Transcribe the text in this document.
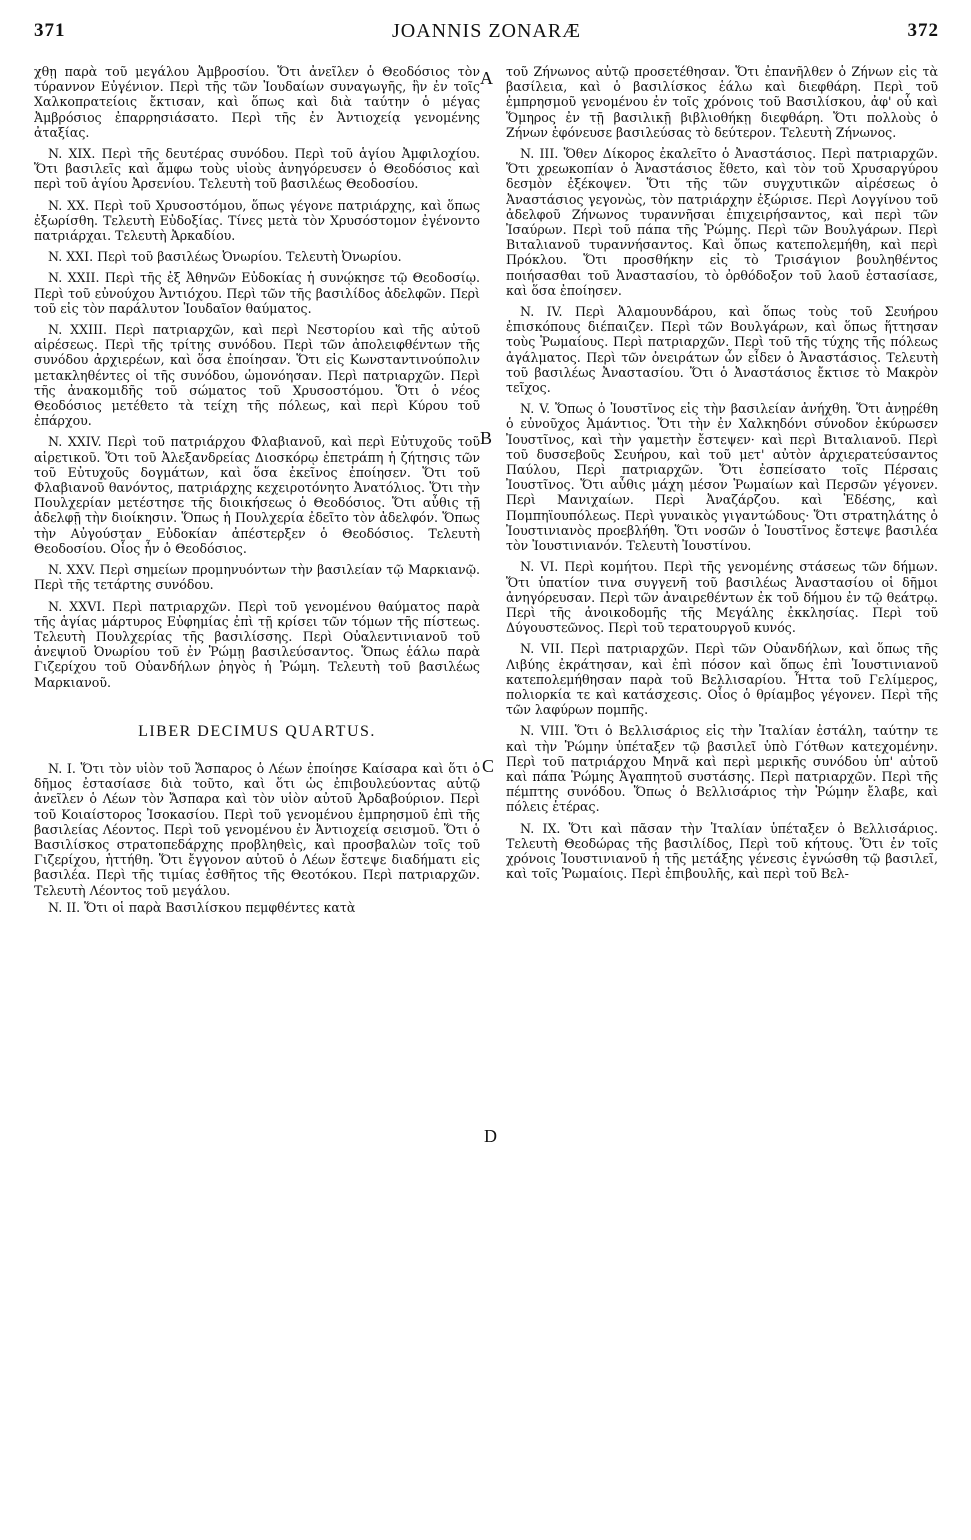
371	JOANNIS ZONARÆ	372
A
B
C
D

χθῃ παρὰ τοῦ μεγάλου Ἀμβροσίου. Ὅτι ἀνεῖλεν ὁ Θεοδόσιος τὸν τύραννον Εὐγένιον. Περὶ τῆς τῶν Ἰουδαίων συναγωγῆς, ἣν ἐν τοῖς Χαλκοπρατείοις ἔκτισαν, καὶ ὅπως καὶ διὰ ταύτην ὁ μέγας Ἀμβρόσιος ἐπαρρησιάσατο. Περὶ τῆς ἐν Ἀντιοχείᾳ γενομένης ἀταξίας.

N. XIX. Περὶ τῆς δευτέρας συνόδου. Περὶ τοῦ ἁγίου Ἀμφιλοχίου. Ὅτι βασιλεῖς καὶ ἄμφω τοὺς υἱοὺς ἀνηγόρευσεν ὁ Θεοδόσιος καὶ περὶ τοῦ ἁγίου Ἀρσενίου. Τελευτὴ τοῦ βασιλέως Θεοδοσίου.

N. XX. Περὶ τοῦ Χρυσοστόμου, ὅπως γέγονε πατριάρχης, καὶ ὅπως ἐξωρίσθη. Τελευτὴ Εὐδοξίας. Τίνες μετὰ τὸν Χρυσόστομον ἐγένοντο πατριάρχαι. Τελευτὴ Ἀρκαδίου.

N. XXI. Περὶ τοῦ βασιλέως Ὀνωρίου. Τελευτὴ Ὀνωρίου.

N. XXII. Περὶ τῆς ἐξ Ἀθηνῶν Εὐδοκίας ἡ συνῴκησε τῷ Θεοδοσίῳ. Περὶ τοῦ εὐνούχου Ἀντιόχου. Περὶ τῶν τῆς βασιλίδος ἀδελφῶν. Περὶ τοῦ εἰς τὸν παράλυτον Ἰουδαῖον θαύματος.

N. XXIII. Περὶ πατριαρχῶν, καὶ περὶ Νεστορίου καὶ τῆς αὐτοῦ αἱρέσεως. Περὶ τῆς τρίτης συνόδου. Περὶ τῶν ἀπολειφθέντων τῆς συνόδου ἀρχιερέων, καὶ ὅσα ἐποίησαν. Ὅτι εἰς Κωνσταντινούπολιν μετακληθέντες οἱ τῆς συνόδου, ὡμονόησαν. Περὶ πατριαρχῶν. Περὶ τῆς ἀνακομιδῆς τοῦ σώματος τοῦ Χρυσοστόμου. Ὅτι ὁ νέος Θεοδόσιος μετέθετο τὰ τείχη τῆς πόλεως, καὶ περὶ Κύρου τοῦ ἐπάρχου.

N. XXIV. Περὶ τοῦ πατριάρχου Φλαβιανοῦ, καὶ περὶ Εὐτυχοῦς τοῦ αἱρετικοῦ. Ὅτι τοῦ Ἀλεξανδρείας Διοσκόρῳ ἐπετράπη ἡ ζήτησις τῶν τοῦ Εὐτυχοῦς δογμάτων, καὶ ὅσα ἐκεῖνος ἐποίησεν. Ὅτι τοῦ Φλαβιανοῦ θανόντος, πατριάρχης κεχειροτόνητο Ἀνατόλιος. Ὅτι τὴν Πουλχερίαν μετέστησε τῆς διοικήσεως ὁ Θεοδόσιος. Ὅτι αὖθις τῇ ἀδελφῇ τὴν διοίκησιν. Ὅπως ἡ Πουλχερία ἐδεῖτο τὸν ἀδελφόν. Ὅπως τὴν Αὐγούσταν Εὐδοκίαν ἀπέστερξεν ὁ Θεοδόσιος. Τελευτὴ Θεοδοσίου. Οἷος ἦν ὁ Θεοδόσιος.

N. XXV. Περὶ σημείων προμηνυόντων τὴν βασιλείαν τῷ Μαρκιανῷ. Περὶ τῆς τετάρτης συνόδου.

N. XXVI. Περὶ πατριαρχῶν. Περὶ τοῦ γενομένου θαύματος παρὰ τῆς ἁγίας μάρτυρος Εὐφημίας ἐπὶ τῇ κρίσει τῶν τόμων τῆς πίστεως. Τελευτὴ Πουλχερίας τῆς βασιλίσσης. Περὶ Οὐαλεντινιανοῦ τοῦ ἀνεψιοῦ Ὀνωρίου τοῦ ἐν Ῥώμῃ βασιλεύσαντος. Ὅπως ἑάλω παρὰ Γιζερίχου τοῦ Οὐανδήλων ῥηγὸς ἡ Ῥώμη. Τελευτὴ τοῦ βασιλέως Μαρκιανοῦ.

LIBER DECIMUS QUARTUS.

N. I. Ὅτι τὸν υἱὸν τοῦ Ἄσπαρος ὁ Λέων ἐποίησε Καίσαρα καὶ ὅτι ὁ δῆμος ἐστασίασε διὰ τοῦτο, καὶ ὅτι ὡς ἐπιβουλεύοντας αὐτῷ ἀνεῖλεν ὁ Λέων τὸν Ἄσπαρα καὶ τὸν υἱὸν αὐτοῦ Ἀρδαβούριον. Περὶ τοῦ Κοιαίστορος Ἰσοκασίου. Περὶ τοῦ γενομένου ἐμπρησμοῦ ἐπὶ τῆς βασιλείας Λέοντος. Περὶ τοῦ γενομένου ἐν Ἀντιοχείᾳ σεισμοῦ. Ὅτι ὁ Βασιλίσκος στρατοπεδάρχης προβληθεὶς, καὶ προσβαλὼν τοῖς τοῦ Γιζερίχου, ἡττήθη. Ὅτι ἔγγονον αὐτοῦ ὁ Λέων ἔστεψε διαδήματι εἰς βασιλέα. Περὶ τῆς τιμίας ἐσθῆτος τῆς Θεοτόκου. Περὶ πατριαρχῶν. Τελευτὴ Λέοντος τοῦ μεγάλου.

N. II. Ὅτι οἱ παρὰ Βασιλίσκου πεμφθέντες κατὰ

τοῦ Ζήνωνος αὐτῷ προσετέθησαν. Ὅτι ἐπανῆλθεν ὁ Ζήνων εἰς τὰ βασίλεια, καὶ ὁ βασιλίσκος ἑάλω καὶ διεφθάρη. Περὶ τοῦ ἐμπρησμοῦ γενομένου ἐν τοῖς χρόνοις τοῦ Βασιλίσκου, ἀφ' οὗ καὶ Ὅμηρος ἐν τῇ βασιλικῇ βιβλιοθήκῃ διεφθάρη. Ὅτι πολλοὺς ὁ Ζήνων ἐφόνευσε βασιλεύσας τὸ δεύτερον. Τελευτὴ Ζήνωνος.

N. III. Ὅθεν Δίκορος ἐκαλεῖτο ὁ Ἀναστάσιος. Περὶ πατριαρχῶν. Ὅτι χρεωκοπίαν ὁ Ἀναστάσιος ἔθετο, καὶ τὸν τοῦ Χρυσαργύρου δεσμὸν ἐξέκοψεν. Ὅτι τῆς τῶν συγχυτικῶν αἱρέσεως ὁ Ἀναστάσιος γεγονὼς, τὸν πατριάρχην ἐξώρισε. Περὶ Λογγίνου τοῦ ἀδελφοῦ Ζήνωνος τυραννῆσαι ἐπιχειρήσαντος, καὶ περὶ τῶν Ἰσαύρων. Περὶ τοῦ πάπα τῆς Ῥώμης. Περὶ τῶν Βουλγάρων. Περὶ Βιταλιανοῦ τυραννήσαντος. Καὶ ὅπως κατεπολεμήθη, καὶ περὶ Πρόκλου. Ὅτι προσθήκην εἰς τὸ Τρισάγιον βουληθέντος ποιήσασθαι τοῦ Ἀναστασίου, τὸ ὀρθόδοξον τοῦ λαοῦ ἐστασίασε, καὶ ὅσα ἐποίησεν.

N. IV. Περὶ Ἀλαμουνδάρου, καὶ ὅπως τοὺς τοῦ Σευήρου ἐπισκόπους διέπαιζεν. Περὶ τῶν Βουλγάρων, καὶ ὅπως ἥττησαν τοὺς Ῥωμαίους. Περὶ πατριαρχῶν. Περὶ τοῦ τῆς τύχης τῆς πόλεως ἀγάλματος. Περὶ τῶν ὀνειράτων ὧν εἶδεν ὁ Ἀναστάσιος. Τελευτὴ τοῦ βασιλέως Ἀναστασίου. Ὅτι ὁ Ἀναστάσιος ἔκτισε τὸ Μακρὸν τεῖχος.

N. V. Ὅπως ὁ Ἰουστῖνος εἰς τὴν βασιλείαν ἀνήχθη. Ὅτι ἀνῃρέθη ὁ εὐνοῦχος Ἀμάντιος. Ὅτι τὴν ἐν Χαλκηδόνι σύνοδον ἐκύρωσεν Ἰουστῖνος, καὶ τὴν γαμετὴν ἔστεψεν· καὶ περὶ Βιταλιανοῦ. Περὶ τοῦ δυσσεβοῦς Σευήρου, καὶ τοῦ μετ' αὐτὸν ἀρχιερατεύσαντος Παύλου, Περὶ πατριαρχῶν. Ὅτι ἐσπείσατο τοῖς Πέρσαις Ἰουστῖνος. Ὅτι αὖθις μάχη μέσον Ῥωμαίων καὶ Περσῶν γέγονεν. Περὶ Μανιχαίων. Περὶ Ἀναζάρζου. καὶ Ἐδέσης, καὶ Πομπηϊουπόλεως. Περὶ γυναικὸς γιγαντώδους· Ὅτι στρατηλάτης ὁ Ἰουστινιανὸς προεβλήθη. Ὅτι νοσῶν ὁ Ἰουστῖνος ἔστεψε βασιλέα τὸν Ἰουστινιανόν. Τελευτὴ Ἰουστίνου.

N. VI. Περὶ κομήτου. Περὶ τῆς γενομένης στάσεως τῶν δήμων. Ὅτι ὑπατίον τινα συγγενῆ τοῦ βασιλέως Ἀναστασίου οἱ δῆμοι ἀνηγόρευσαν. Περὶ τῶν ἀναιρεθέντων ἐκ τοῦ δήμου ἐν τῷ θεάτρῳ. Περὶ τῆς ἀνοικοδομῆς τῆς Μεγάλης ἐκκλησίας. Περὶ τοῦ Δύγουστεῶνος. Περὶ τοῦ τερατουργοῦ κυνός.

N. VII. Περὶ πατριαρχῶν. Περὶ τῶν Οὐανδήλων, καὶ ὅπως τῆς Λιβύης ἐκράτησαν, καὶ ἐπὶ πόσον καὶ ὅπως ἐπὶ Ἰουστινιανοῦ κατεπολεμήθησαν παρὰ τοῦ Βελλισαρίου. Ἧττα τοῦ Γελίμερος, πολιορκία τε καὶ κατάσχεσις. Οἷος ὁ θρίαμβος γέγονεν. Περὶ τῆς τῶν λαφύρων πομπῆς.

N. VIII. Ὅτι ὁ Βελλισάριος εἰς τὴν Ἰταλίαν ἐστάλη, ταύτην τε καὶ τὴν Ῥώμην ὑπέταξεν τῷ βασιλεῖ ὑπὸ Γότθων κατεχομένην. Περὶ τοῦ πατριάρχου Μηνᾶ καὶ περὶ μερικῆς συνόδου ὑπ' αὐτοῦ καὶ πάπα Ῥώμης Ἀγαπητοῦ συστάσης. Περὶ πατριαρχῶν. Περὶ τῆς πέμπτης συνόδου. Ὅπως ὁ Βελλισάριος τὴν Ῥώμην ἔλαβε, καὶ πόλεις ἑτέρας.

N. IX. Ὅτι καὶ πᾶσαν τὴν Ἰταλίαν ὑπέταξεν ὁ Βελλισάριος. Τελευτὴ Θεοδώρας τῆς βασιλίδος, Περὶ τοῦ κήτους. Ὅτι ἐν τοῖς χρόνοις Ἰουστινιανοῦ ἡ τῆς μετάξης γένεσις ἐγνώσθη τῷ βασιλεῖ, καὶ τοῖς Ῥωμαίοις. Περὶ ἐπιβουλῆς, καὶ περὶ τοῦ Βελ-
